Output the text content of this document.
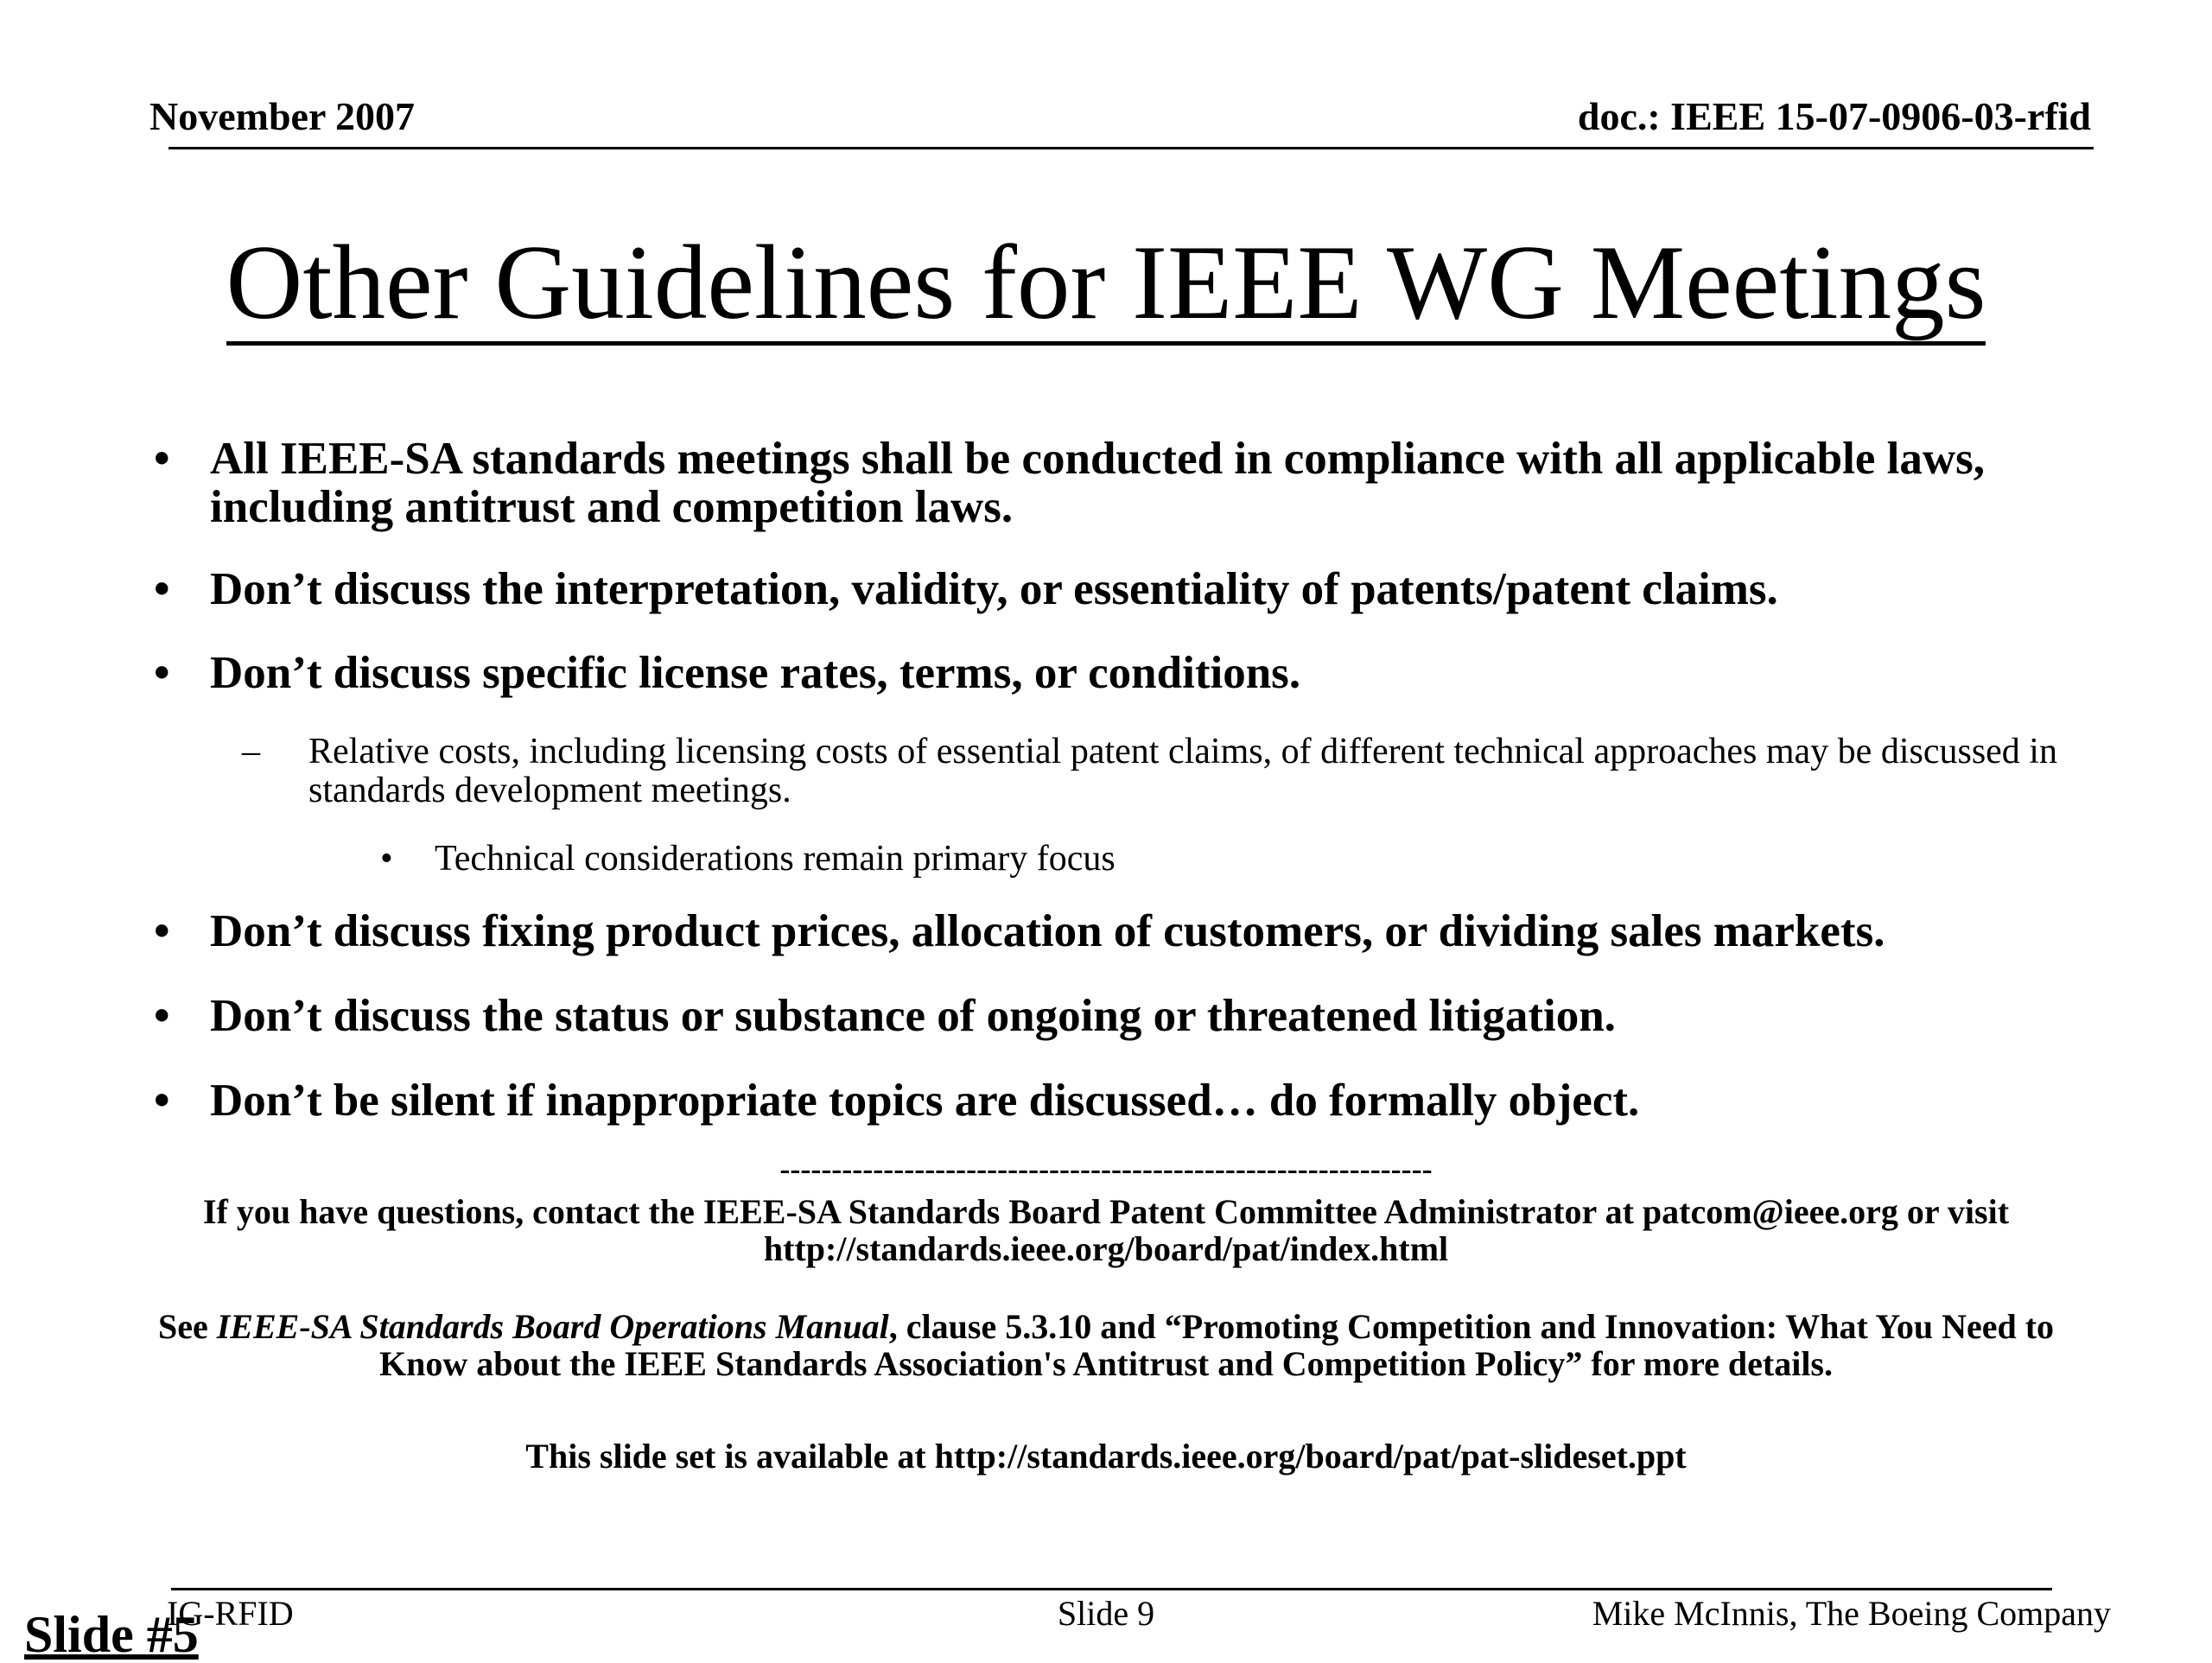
November 2007	doc.: IEEE 15-07-0906-03-rfid
Other Guidelines for IEEE WG Meetings
• All IEEE-SA standards meetings shall be conducted in compliance with all applicable laws, including antitrust and competition laws.
• Don’t discuss the interpretation, validity, or essentiality of patents/patent claims.
• Don’t discuss specific license rates, terms, or conditions.
– Relative costs, including licensing costs of essential patent claims, of different technical approaches may be discussed in standards development meetings.
• Technical considerations remain primary focus
• Don’t discuss fixing product prices, allocation of customers, or dividing sales markets.
• Don’t discuss the status or substance of ongoing or threatened litigation.
• Don’t be silent if inappropriate topics are discussed… do formally object.
---------------------------------------------------------------
If you have questions, contact the IEEE-SA Standards Board Patent Committee Administrator at patcom@ieee.org or visit http://standards.ieee.org/board/pat/index.html
See IEEE-SA Standards Board Operations Manual, clause 5.3.10 and “Promoting Competition and Innovation: What You Need to Know about the IEEE Standards Association's Antitrust and Competition Policy” for more details.
This slide set is available at http://standards.ieee.org/board/pat/pat-slideset.ppt
IG-RFID	Slide 9	Mike McInnis, The Boeing Company
Slide #5
